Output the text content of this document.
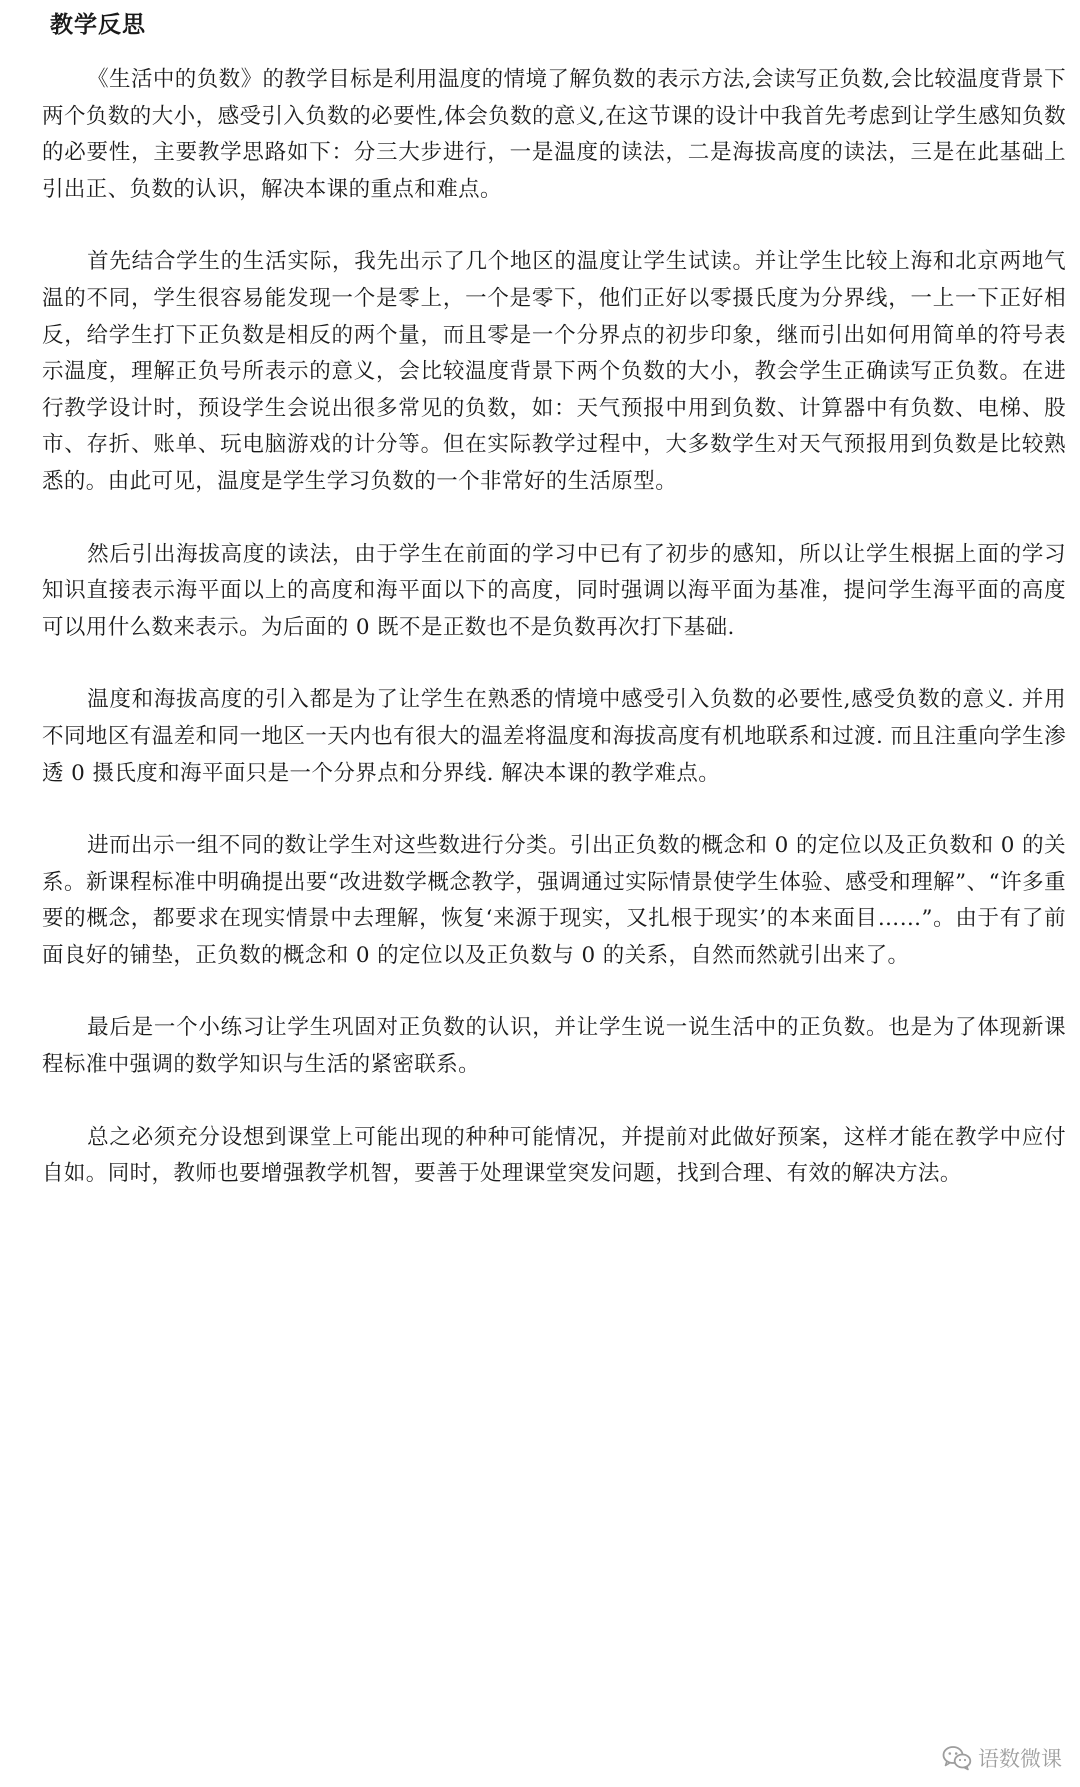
教学反思

《生活中的负数》的教学目标是利用温度的情境了解负数的表示方法,会读写正负数,会比较温度背景下两个负数的大小，感受引入负数的必要性,体会负数的意义,在这节课的设计中我首先考虑到让学生感知负数的必要性，主要教学思路如下：分三大步进行，一是温度的读法，二是海拔高度的读法，三是在此基础上引出正、负数的认识，解决本课的重点和难点。

首先结合学生的生活实际，我先出示了几个地区的温度让学生试读。并让学生比较上海和北京两地气温的不同，学生很容易能发现一个是零上，一个是零下，他们正好以零摄氏度为分界线，一上一下正好相反，给学生打下正负数是相反的两个量，而且零是一个分界点的初步印象，继而引出如何用简单的符号表示温度，理解正负号所表示的意义，会比较温度背景下两个负数的大小，教会学生正确读写正负数。在进行教学设计时，预设学生会说出很多常见的负数，如：天气预报中用到负数、计算器中有负数、电梯、股市、存折、账单、玩电脑游戏的计分等。但在实际教学过程中，大多数学生对天气预报用到负数是比较熟悉的。由此可见，温度是学生学习负数的一个非常好的生活原型。

然后引出海拔高度的读法，由于学生在前面的学习中已有了初步的感知，所以让学生根据上面的学习知识直接表示海平面以上的高度和海平面以下的高度，同时强调以海平面为基准，提问学生海平面的高度可以用什么数来表示。为后面的 0 既不是正数也不是负数再次打下基础.

温度和海拔高度的引入都是为了让学生在熟悉的情境中感受引入负数的必要性,感受负数的意义. 并用不同地区有温差和同一地区一天内也有很大的温差将温度和海拔高度有机地联系和过渡. 而且注重向学生渗透 0 摄氏度和海平面只是一个分界点和分界线. 解决本课的教学难点。

进而出示一组不同的数让学生对这些数进行分类。引出正负数的概念和 0 的定位以及正负数和 0 的关系。新课程标准中明确提出要“改进数学概念教学，强调通过实际情景使学生体验、感受和理解”、“许多重要的概念，都要求在现实情景中去理解，恢复‘来源于现实，又扎根于现实’的本来面目……”。由于有了前面良好的铺垫，正负数的概念和 0 的定位以及正负数与 0 的关系，自然而然就引出来了。

最后是一个小练习让学生巩固对正负数的认识，并让学生说一说生活中的正负数。也是为了体现新课程标准中强调的数学知识与生活的紧密联系。

总之必须充分设想到课堂上可能出现的种种可能情况，并提前对此做好预案，这样才能在教学中应付自如。同时，教师也要增强教学机智，要善于处理课堂突发问题，找到合理、有效的解决方法。

语数微课
